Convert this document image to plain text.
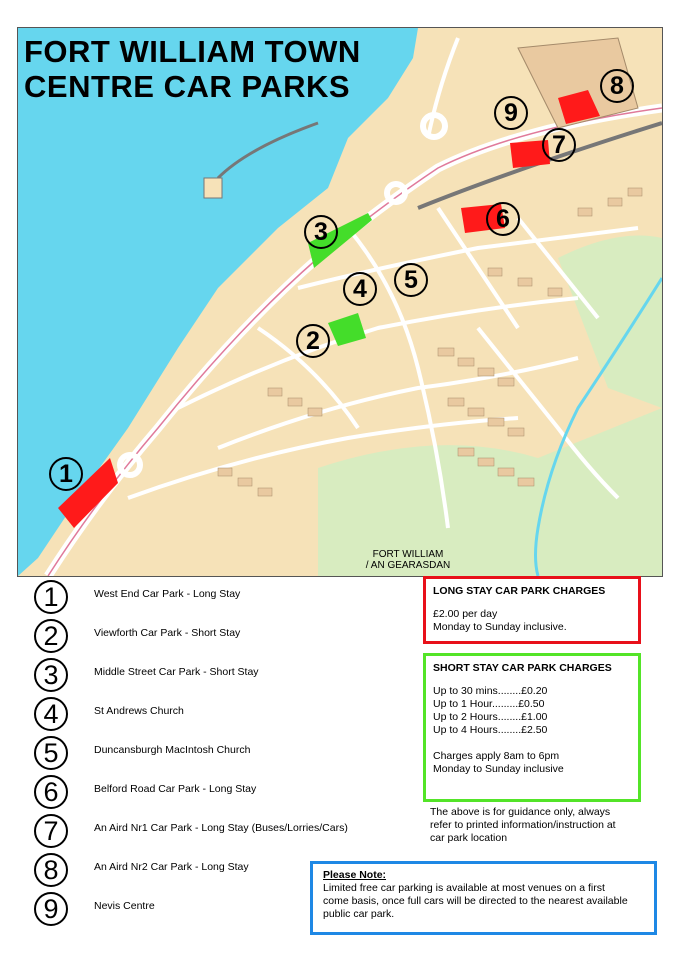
FORT WILLIAM TOWN
CENTRE CAR PARKS
FORT WILLIAM
/ AN GEARASDAN
1
2
3
4	5
6
7
8
9
1	West End Car Park - Long Stay
2	Viewforth Car Park - Short Stay
3	Middle Street Car Park - Short Stay
4	St Andrews Church
5	Duncansburgh MacIntosh Church
6	Belford Road Car Park - Long Stay
7	An Aird Nr1 Car Park - Long Stay (Buses/Lorries/Cars)
8	An Aird Nr2 Car Park - Long Stay
9	Nevis Centre
LONG STAY CAR PARK CHARGES
£2.00 per day
Monday to Sunday inclusive.
SHORT STAY CAR PARK CHARGES
Up to 30 mins........£0.20
Up to 1 Hour.........£0.50
Up to 2 Hours........£1.00
Up to 4 Hours........£2.50
Charges apply 8am to 6pm
Monday to Sunday inclusive
The above is for guidance only, always
refer to printed information/instruction at
car park location
Please Note:
Limited free car parking is available at most venues on a first
come basis, once full cars will be directed to the nearest available
public car park.
